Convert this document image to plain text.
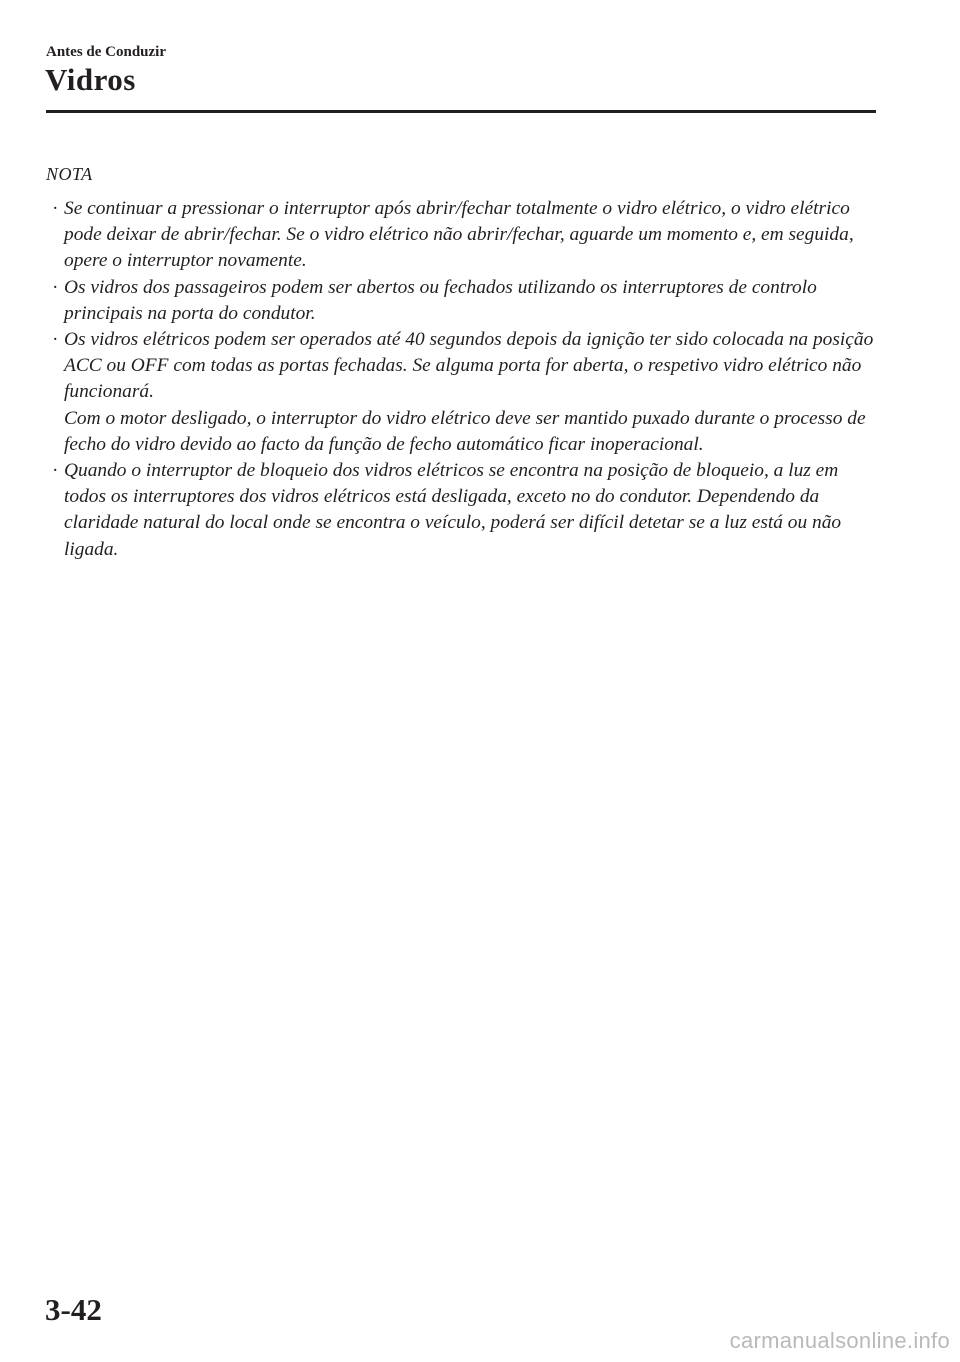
Antes de Conduzir
Vidros
NOTA
· Se continuar a pressionar o interruptor após abrir/fechar totalmente o vidro elétrico, o vidro elétrico pode deixar de abrir/fechar. Se o vidro elétrico não abrir/fechar, aguarde um momento e, em seguida, opere o interruptor novamente.

· Os vidros dos passageiros podem ser abertos ou fechados utilizando os interruptores de controlo principais na porta do condutor.

· Os vidros elétricos podem ser operados até 40 segundos depois da ignição ter sido colocada na posição ACC ou OFF com todas as portas fechadas. Se alguma porta for aberta, o respetivo vidro elétrico não funcionará.

Com o motor desligado, o interruptor do vidro elétrico deve ser mantido puxado durante o processo de fecho do vidro devido ao facto da função de fecho automático ficar inoperacional.

· Quando o interruptor de bloqueio dos vidros elétricos se encontra na posição de bloqueio, a luz em todos os interruptores dos vidros elétricos está desligada, exceto no do condutor. Dependendo da claridade natural do local onde se encontra o veículo, poderá ser difícil detetar se a luz está ou não ligada.

3-42
carmanualsonline.info
